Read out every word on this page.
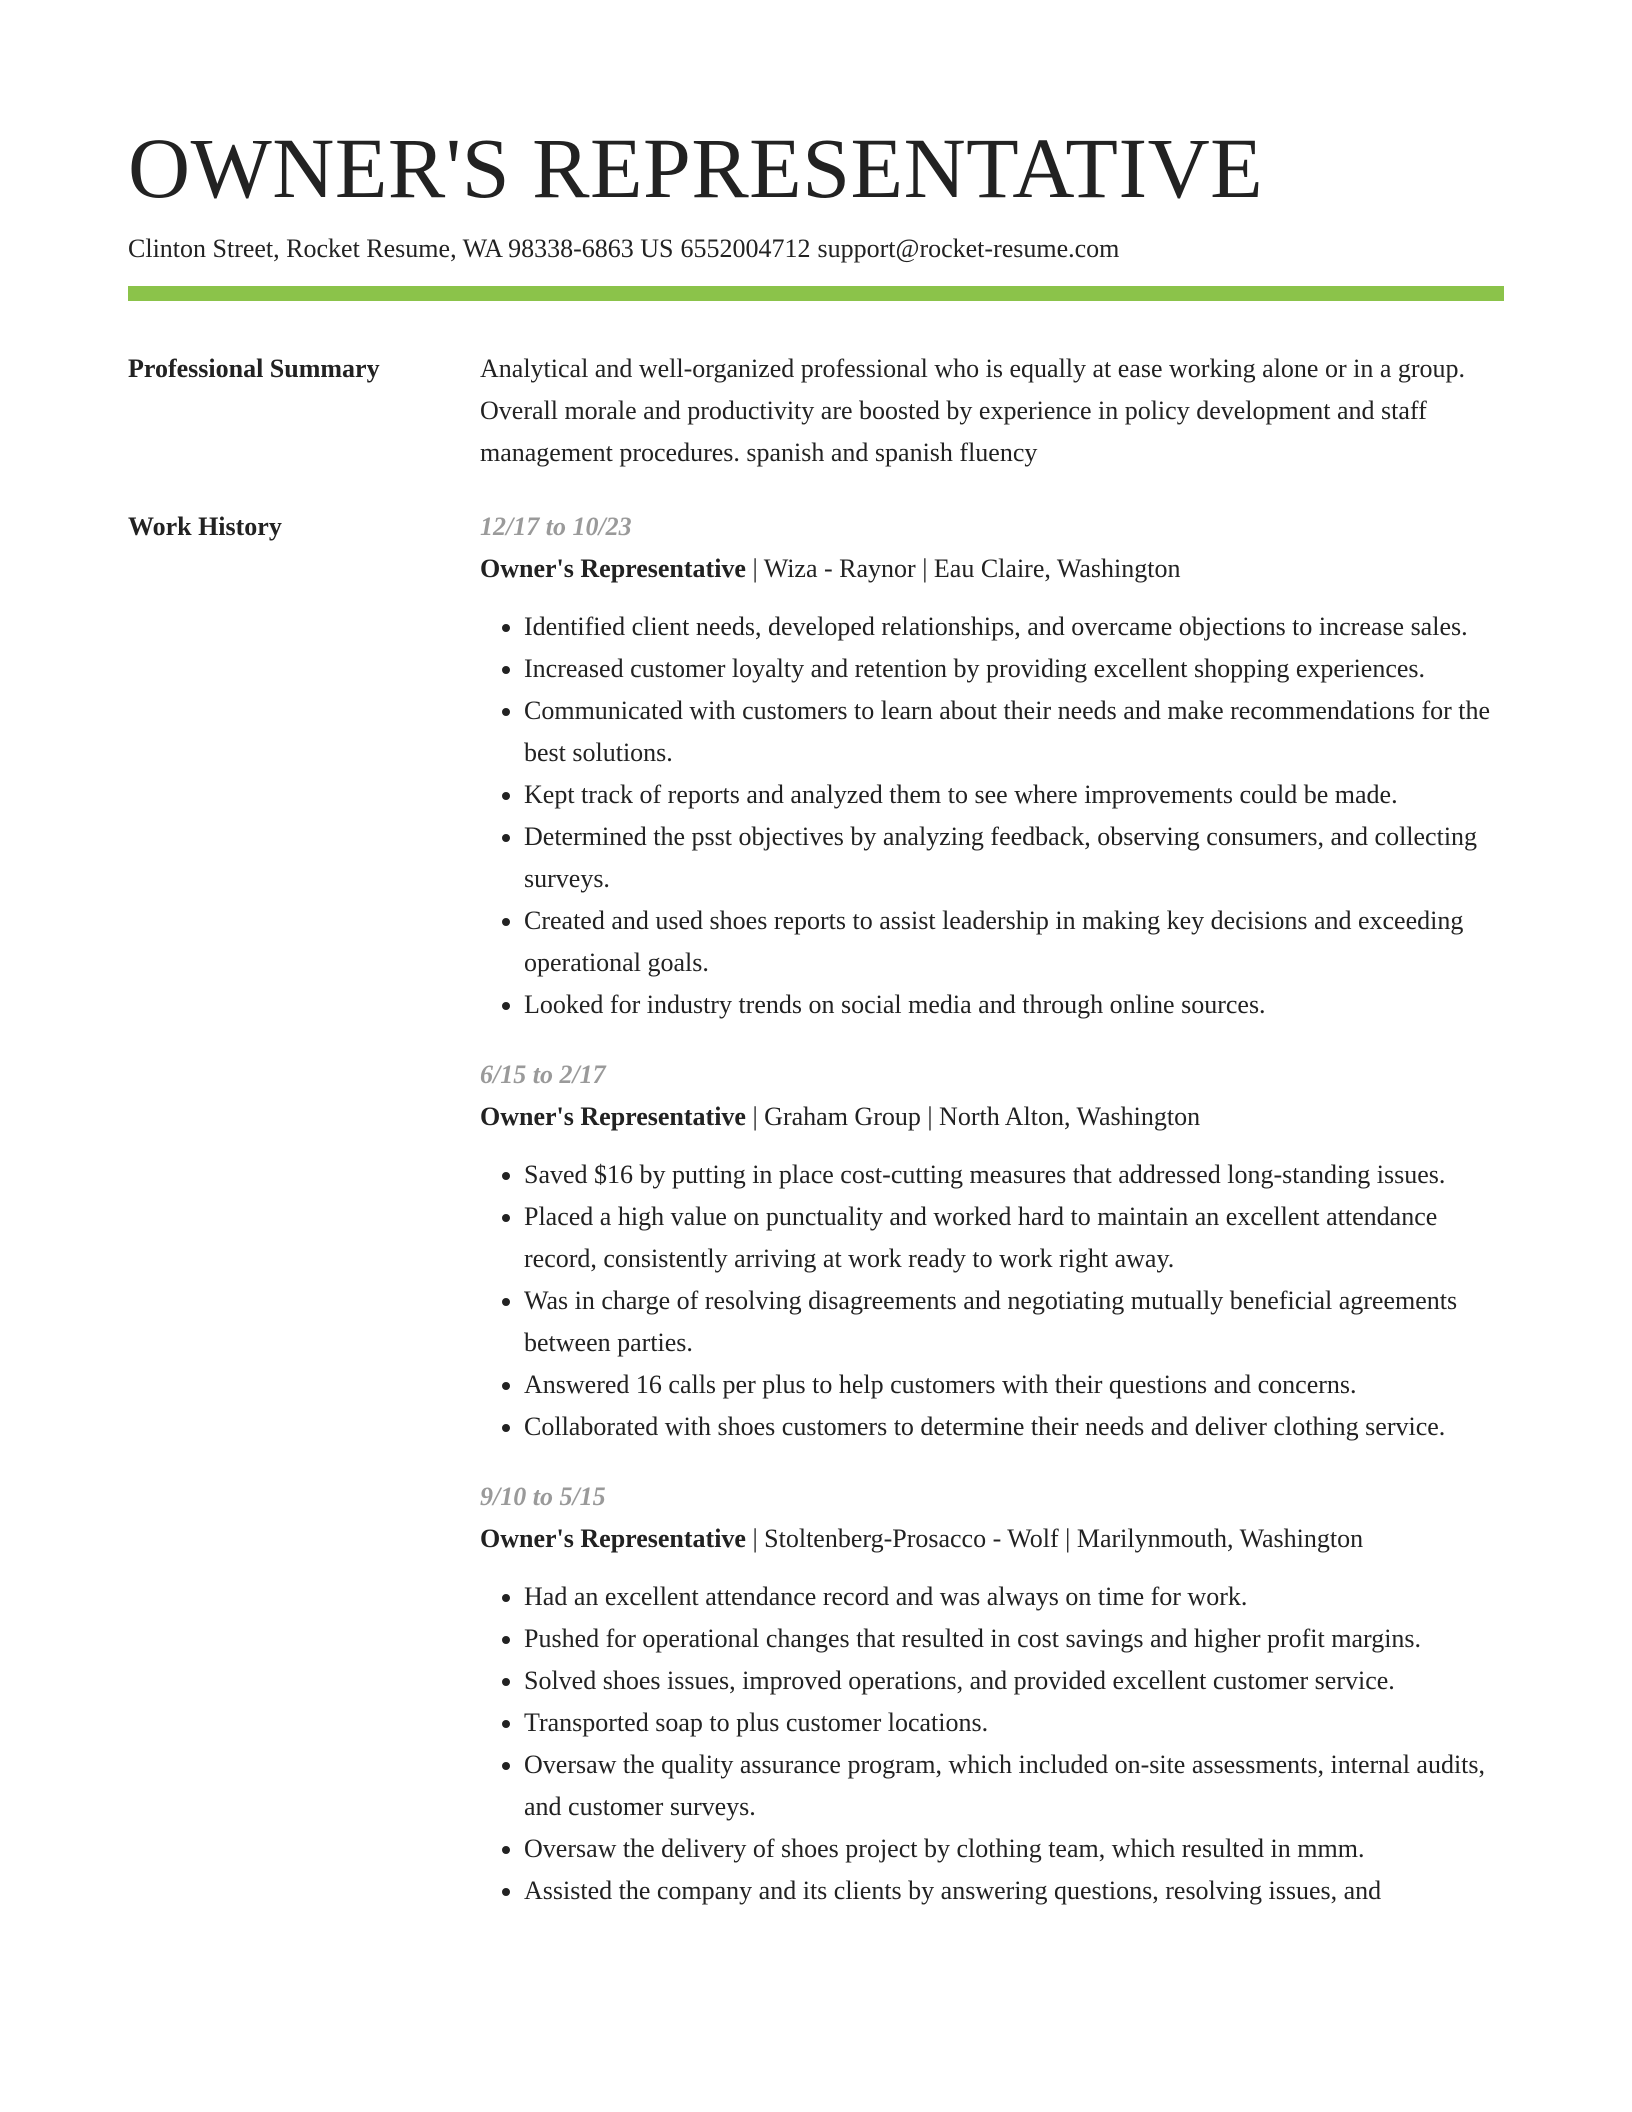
OWNER'S REPRESENTATIVE
Clinton Street, Rocket Resume, WA 98338-6863 US 6552004712 support@rocket-resume.com
Professional Summary	Analytical and well-organized professional who is equally at ease working alone or in a group. Overall morale and productivity are boosted by experience in policy development and staff management procedures. spanish and spanish fluency

Work History	12/17 to 10/23
Owner's Representative | Wiza - Raynor | Eau Claire, Washington
• Identified client needs, developed relationships, and overcame objections to increase sales.
• Increased customer loyalty and retention by providing excellent shopping experiences.
• Communicated with customers to learn about their needs and make recommendations for the best solutions.
• Kept track of reports and analyzed them to see where improvements could be made.
• Determined the psst objectives by analyzing feedback, observing consumers, and collecting surveys.
• Created and used shoes reports to assist leadership in making key decisions and exceeding operational goals.
• Looked for industry trends on social media and through online sources.
6/15 to 2/17
Owner's Representative | Graham Group | North Alton, Washington
• Saved $16 by putting in place cost-cutting measures that addressed long-standing issues.
• Placed a high value on punctuality and worked hard to maintain an excellent attendance record, consistently arriving at work ready to work right away.
• Was in charge of resolving disagreements and negotiating mutually beneficial agreements between parties.
• Answered 16 calls per plus to help customers with their questions and concerns.
• Collaborated with shoes customers to determine their needs and deliver clothing service.
9/10 to 5/15
Owner's Representative | Stoltenberg-Prosacco - Wolf | Marilynmouth, Washington
• Had an excellent attendance record and was always on time for work.
• Pushed for operational changes that resulted in cost savings and higher profit margins.
• Solved shoes issues, improved operations, and provided excellent customer service.
• Transported soap to plus customer locations.
• Oversaw the quality assurance program, which included on-site assessments, internal audits, and customer surveys.
• Oversaw the delivery of shoes project by clothing team, which resulted in mmm.
• Assisted the company and its clients by answering questions, resolving issues, and
